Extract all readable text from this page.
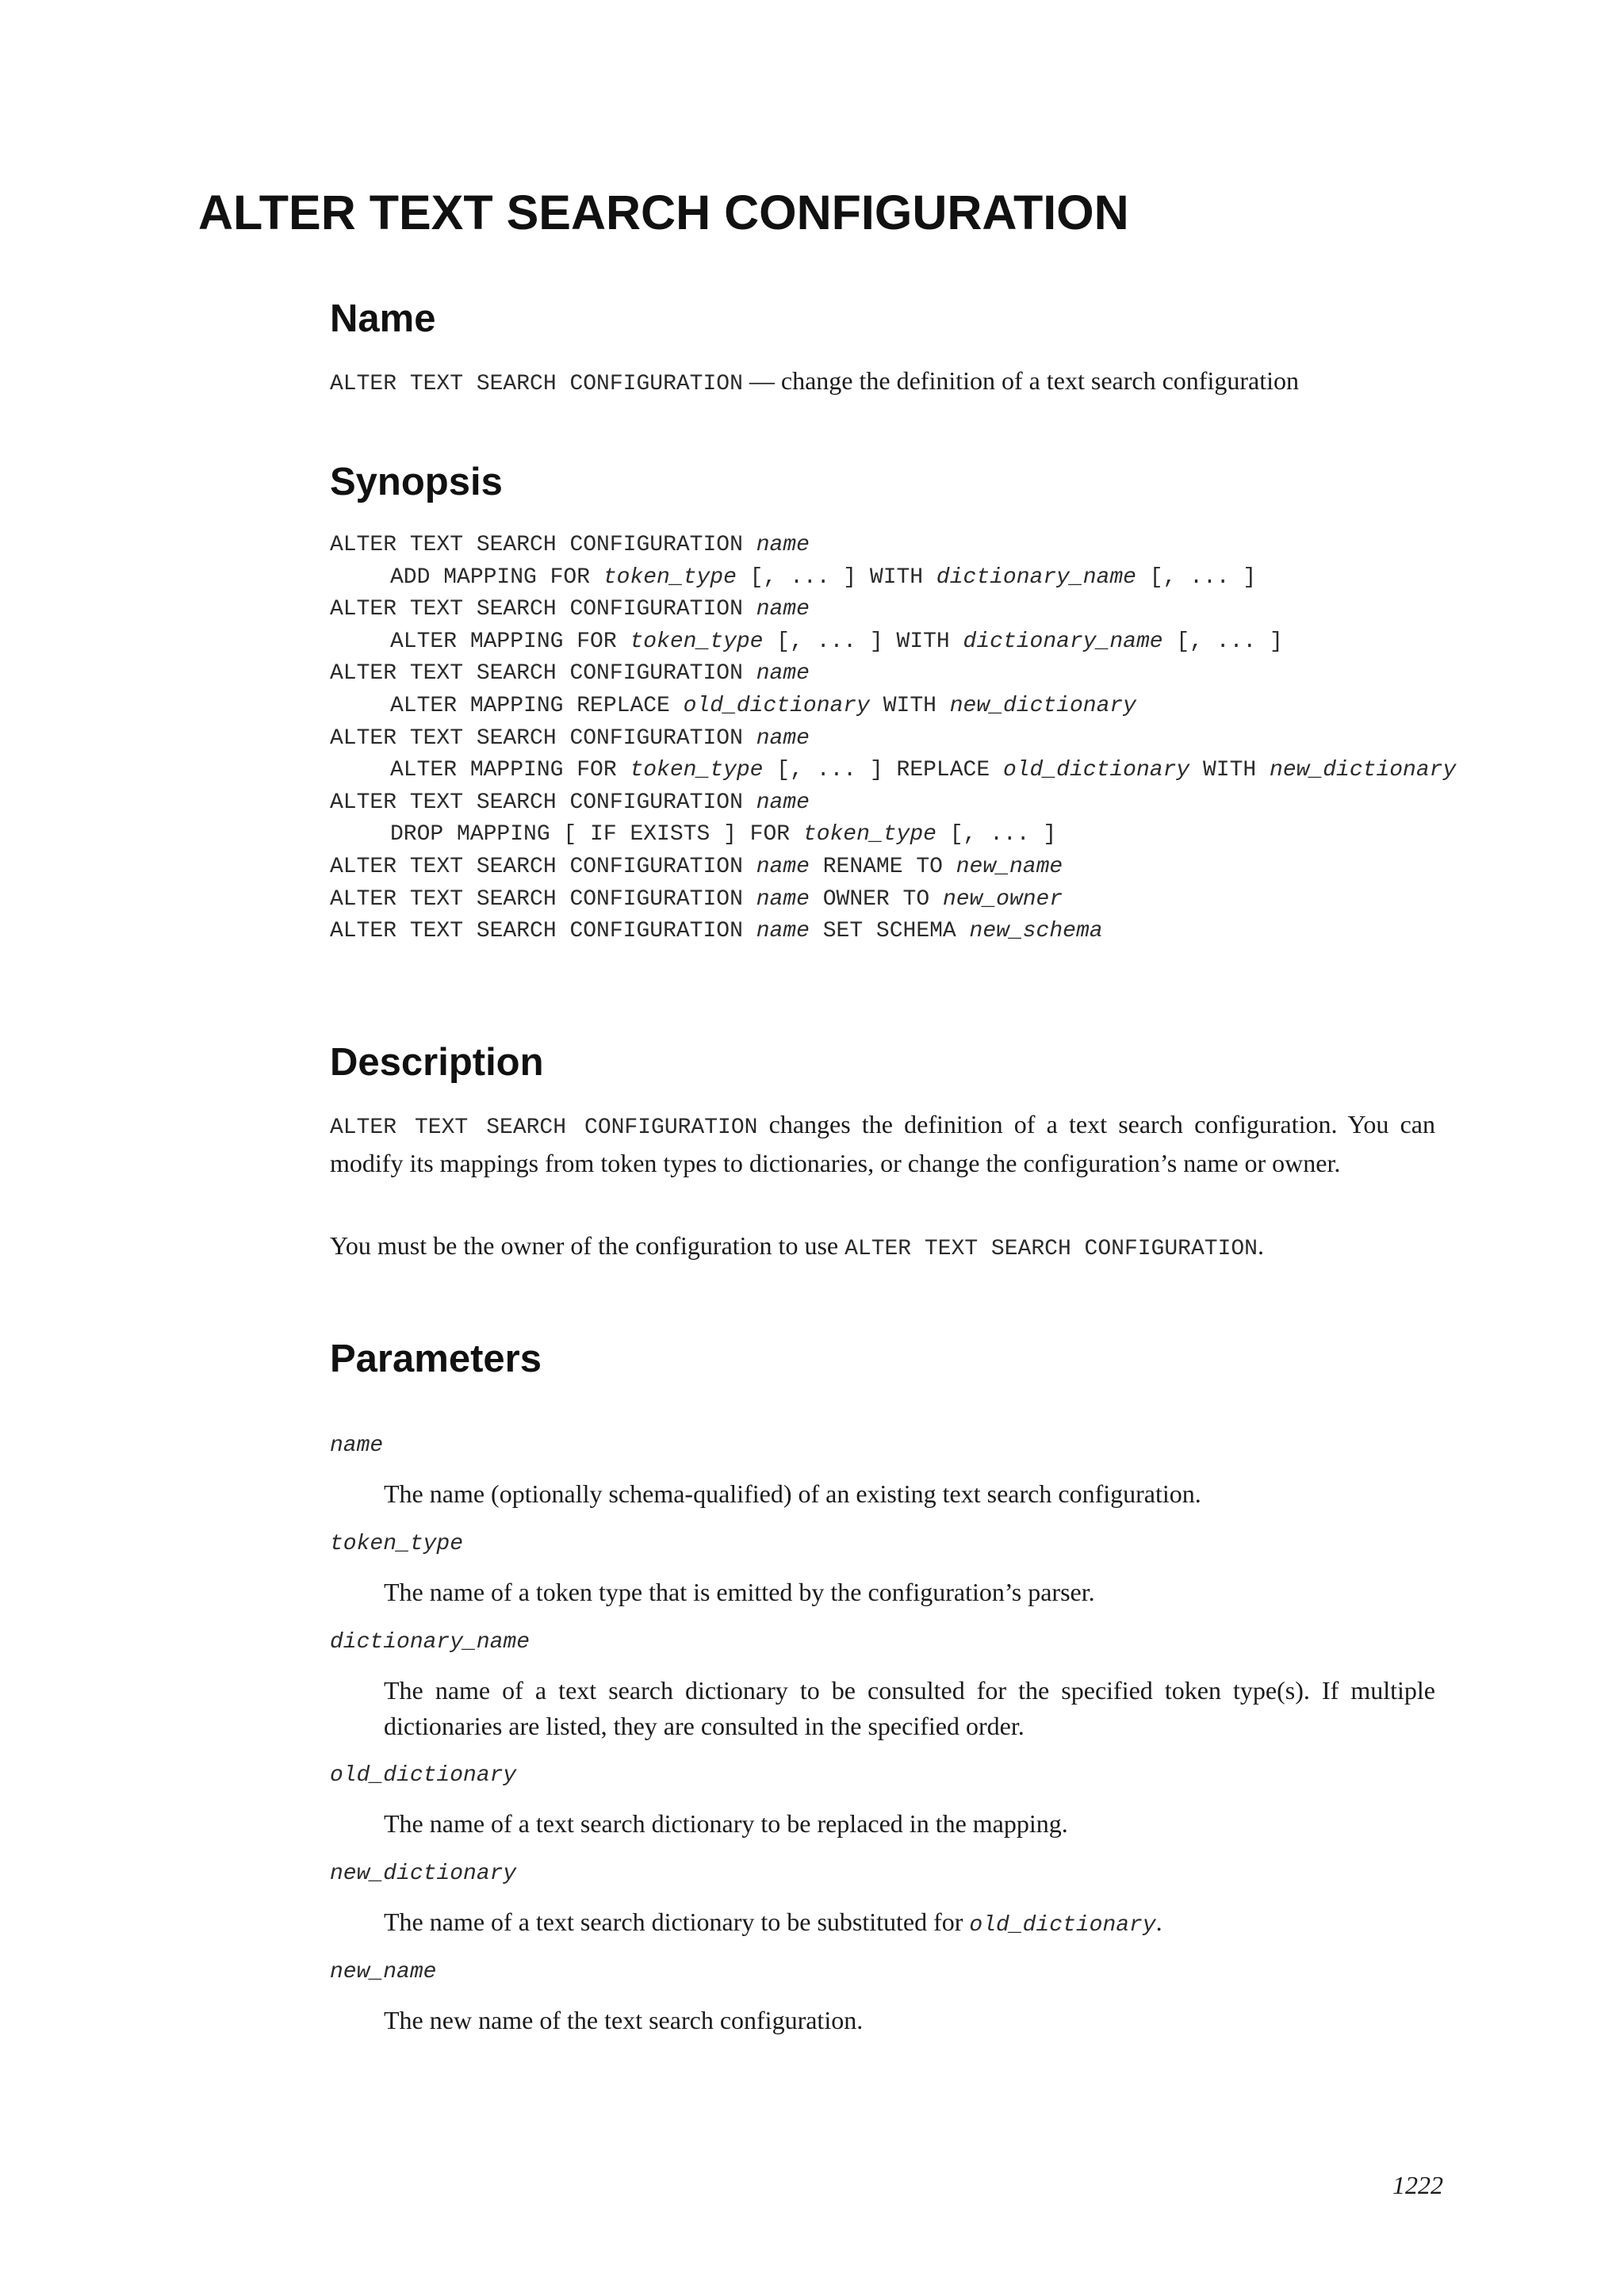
ALTER TEXT SEARCH CONFIGURATION
Name

ALTER TEXT SEARCH CONFIGURATION — change the definition of a text search configuration

Synopsis
ALTER TEXT SEARCH CONFIGURATION name
ADD MAPPING FOR token_type [, ... ] WITH dictionary_name [, ... ]
ALTER TEXT SEARCH CONFIGURATION name
ALTER MAPPING FOR token_type [, ... ] WITH dictionary_name [, ... ]
ALTER TEXT SEARCH CONFIGURATION name
ALTER MAPPING REPLACE old_dictionary WITH new_dictionary
ALTER TEXT SEARCH CONFIGURATION name
ALTER MAPPING FOR token_type [, ... ] REPLACE old_dictionary WITH new_dictionary
ALTER TEXT SEARCH CONFIGURATION name
DROP MAPPING [ IF EXISTS ] FOR token_type [, ... ]
ALTER TEXT SEARCH CONFIGURATION name RENAME TO new_name
ALTER TEXT SEARCH CONFIGURATION name OWNER TO new_owner
ALTER TEXT SEARCH CONFIGURATION name SET SCHEMA new_schema
Description

ALTER TEXT SEARCH CONFIGURATION changes the definition of a text search configuration. You can modify its mappings from token types to dictionaries, or change the configuration’s name or owner.

You must be the owner of the configuration to use ALTER TEXT SEARCH CONFIGURATION.

Parameters
name

The name (optionally schema-qualified) of an existing text search configuration.

token_type

The name of a token type that is emitted by the configuration’s parser.

dictionary_name

The name of a text search dictionary to be consulted for the specified token type(s). If multiple dictionaries are listed, they are consulted in the specified order.

old_dictionary

The name of a text search dictionary to be replaced in the mapping.

new_dictionary

The name of a text search dictionary to be substituted for old_dictionary.

new_name

The new name of the text search configuration.

1222
